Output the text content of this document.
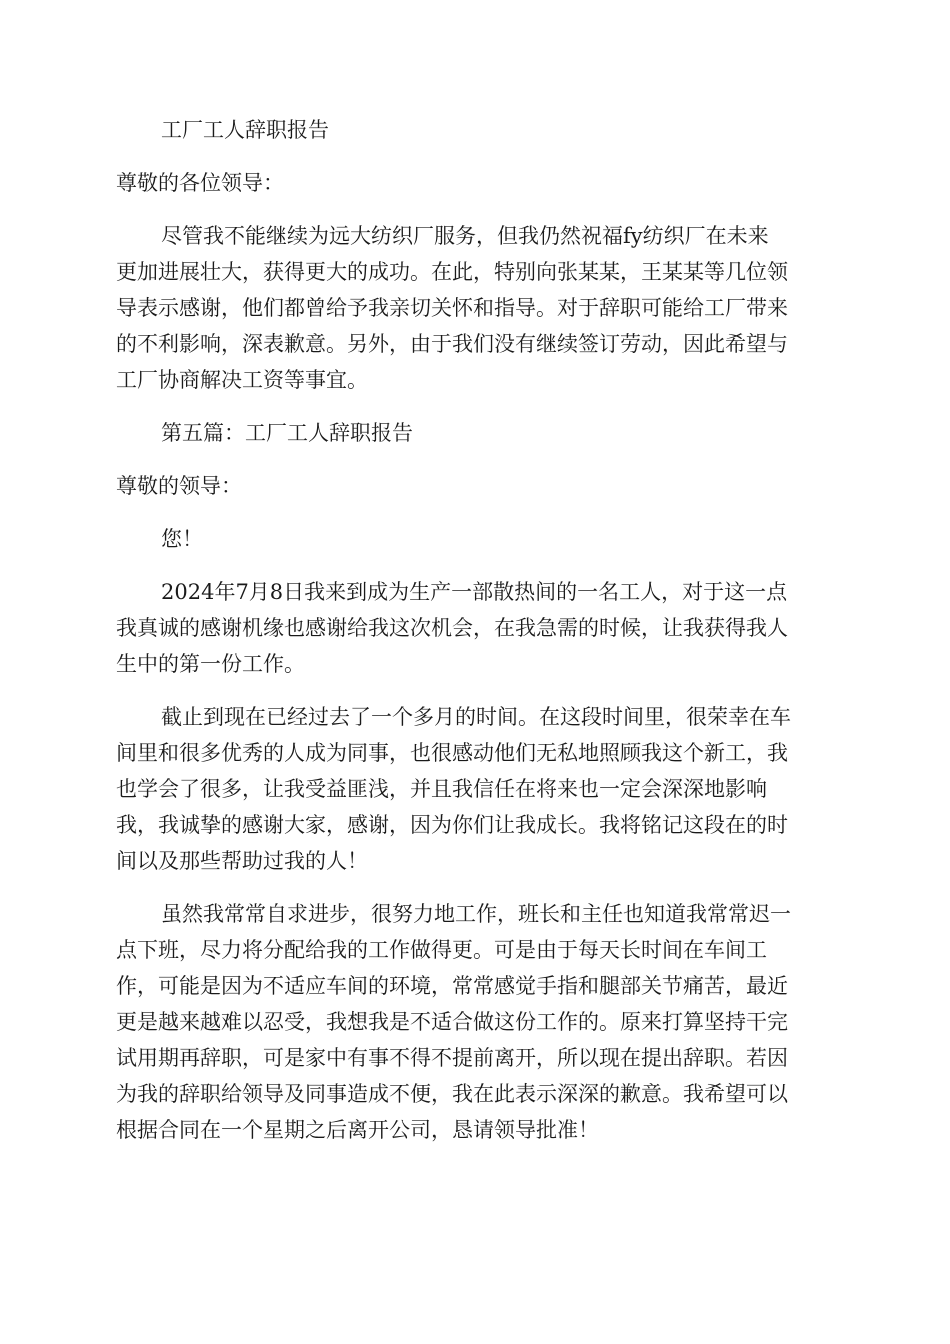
工厂工人辞职报告

尊敬的各位领导：

尽管我不能继续为远大纺织厂服务，但我仍然祝福fy纺织厂在未来

更加进展壮大，获得更大的成功。在此，特别向张某某，王某某等几位领

导表示感谢，他们都曾给予我亲切关怀和指导。对于辞职可能给工厂带来

的不利影响，深表歉意。另外，由于我们没有继续签订劳动，因此希望与

工厂协商解决工资等事宜。

第五篇：工厂工人辞职报告

尊敬的领导：

您！

2024年7月8日我来到成为生产一部散热间的一名工人，对于这一点

我真诚的感谢机缘也感谢给我这次机会，在我急需的时候，让我获得我人

生中的第一份工作。

截止到现在已经过去了一个多月的时间。在这段时间里，很荣幸在车

间里和很多优秀的人成为同事，也很感动他们无私地照顾我这个新工，我

也学会了很多，让我受益匪浅，并且我信任在将来也一定会深深地影响

我，我诚挚的感谢大家，感谢，因为你们让我成长。我将铭记这段在的时

间以及那些帮助过我的人！

虽然我常常自求进步，很努力地工作，班长和主任也知道我常常迟一

点下班，尽力将分配给我的工作做得更。可是由于每天长时间在车间工

作，可能是因为不适应车间的环境，常常感觉手指和腿部关节痛苦，最近

更是越来越难以忍受，我想我是不适合做这份工作的。原来打算坚持干完

试用期再辞职，可是家中有事不得不提前离开，所以现在提出辞职。若因

为我的辞职给领导及同事造成不便，我在此表示深深的歉意。我希望可以

根据合同在一个星期之后离开公司，恳请领导批准！
